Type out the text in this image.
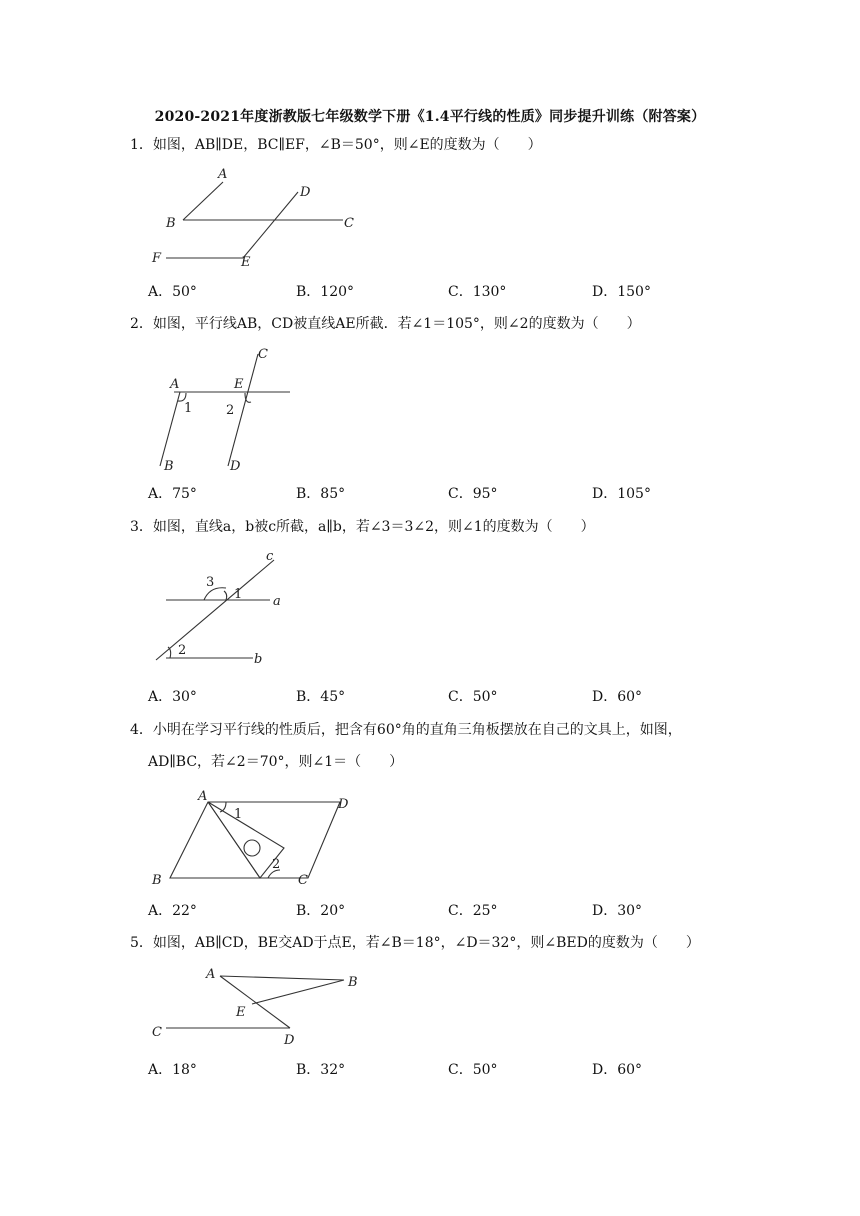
2020-2021年度浙教版七年级数学下册《1.4平行线的性质》同步提升训练（附答案）
1．如图，AB∥DE，BC∥EF，∠B＝50°，则∠E的度数为（　　）
A
B	C
D
E
F
A．50°	B．120°	C．130°	D．150°
2．如图，平行线AB，CD被直线AE所截．若∠1＝105°，则∠2的度数为（　　）
A
B
C
D
E
1	2
A．75°	B．85°	C．95°	D．105°
3．如图，直线a，b被c所截，a∥b，若∠3＝3∠2，则∠1的度数为（　　）
c
a
b
1
2
3
A．30°	B．45°	C．50°	D．60°
4．小明在学习平行线的性质后，把含有60°角的直角三角板摆放在自己的文具上，如图，
AD∥BC，若∠2＝70°，则∠1＝（　　）
A
B	C
D
1
2
A．22°	B．20°	C．25°	D．30°
5．如图，AB∥CD，BE交AD于点E，若∠B＝18°，∠D＝32°，则∠BED的度数为（　　）
A
B
C
D
E
A．18°	B．32°	C．50°	D．60°
